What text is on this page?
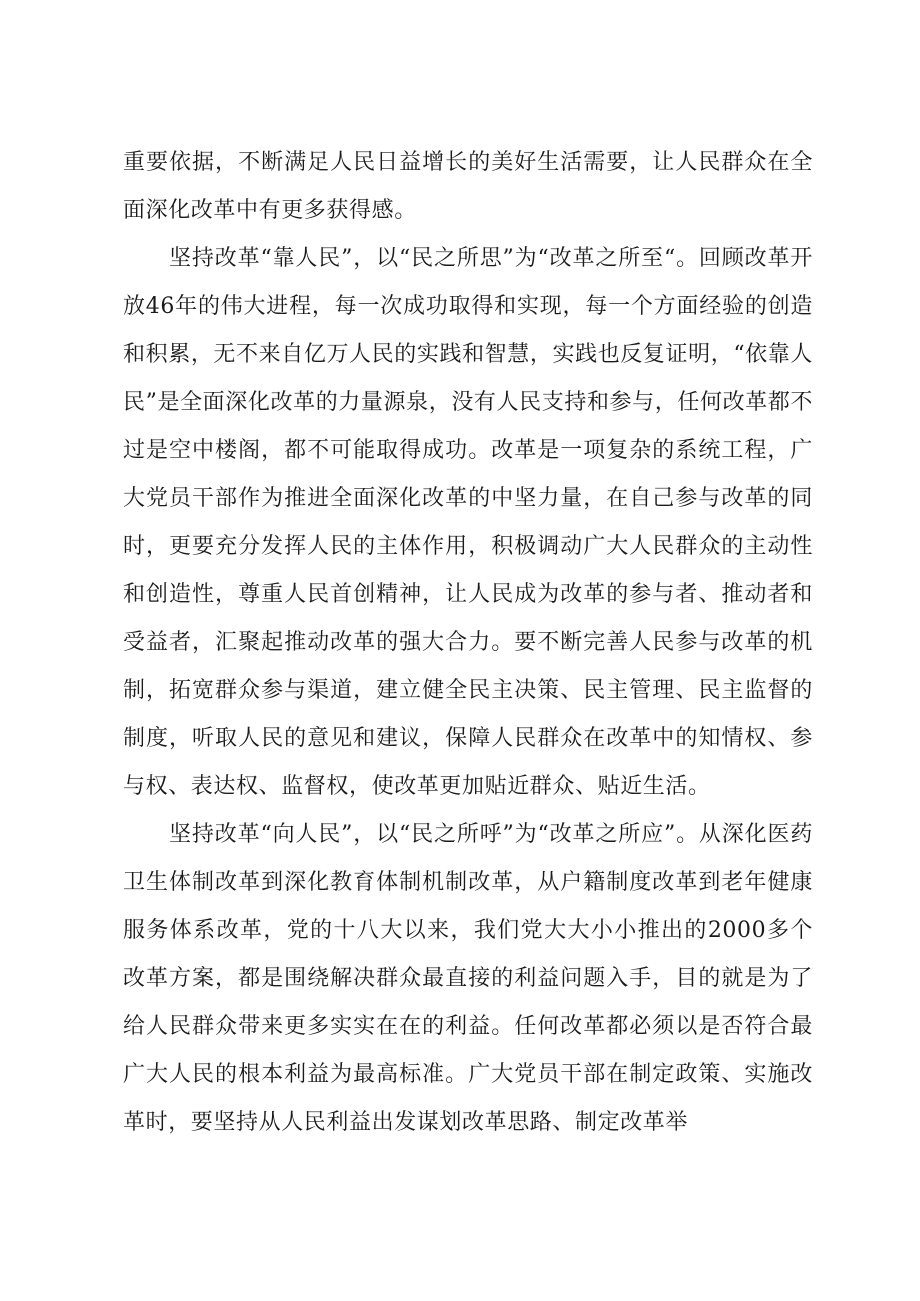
重要依据，不断满足人民日益增长的美好生活需要，让人民群众在全面深化改革中有更多获得感。

坚持改革“靠人民”，以“民之所思”为“改革之所至“。回顾改革开放46年的伟大进程，每一次成功取得和实现，每一个方面经验的创造和积累，无不来自亿万人民的实践和智慧，实践也反复证明，“依靠人民”是全面深化改革的力量源泉，没有人民支持和参与，任何改革都不过是空中楼阁，都不可能取得成功。改革是一项复杂的系统工程，广大党员干部作为推进全面深化改革的中坚力量，在自己参与改革的同时，更要充分发挥人民的主体作用，积极调动广大人民群众的主动性和创造性，尊重人民首创精神，让人民成为改革的参与者、推动者和受益者，汇聚起推动改革的强大合力。要不断完善人民参与改革的机制，拓宽群众参与渠道，建立健全民主决策、民主管理、民主监督的制度，听取人民的意见和建议，保障人民群众在改革中的知情权、参与权、表达权、监督权，使改革更加贴近群众、贴近生活。

坚持改革“向人民”，以“民之所呼”为“改革之所应”。从深化医药卫生体制改革到深化教育体制机制改革，从户籍制度改革到老年健康服务体系改革，党的十八大以来，我们党大大小小推出的2000多个改革方案，都是围绕解决群众最直接的利益问题入手，目的就是为了给人民群众带来更多实实在在的利益。任何改革都必须以是否符合最广大人民的根本利益为最高标准。广大党员干部在制定政策、实施改革时，要坚持从人民利益出发谋划改革思路、制定改革举
